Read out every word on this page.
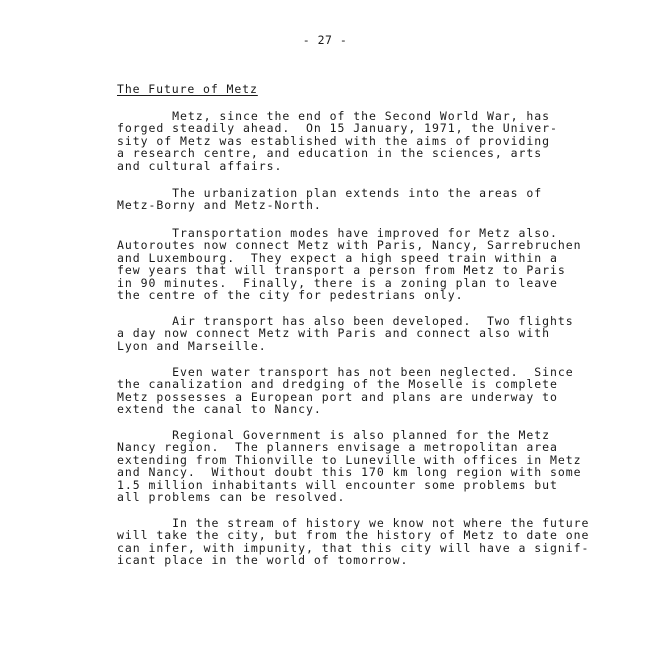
- 27 -
The Future of Metz

Metz, since the end of the Second World War, has
forged steadily ahead.  On 15 January, 1971, the Univer-
sity of Metz was established with the aims of providing
a research centre, and education in the sciences, arts
and cultural affairs.

The urbanization plan extends into the areas of
Metz-Borny and Metz-North.

Transportation modes have improved for Metz also.
Autoroutes now connect Metz with Paris, Nancy, Sarrebruchen
and Luxembourg.  They expect a high speed train within a
few years that will transport a person from Metz to Paris
in 90 minutes.  Finally, there is a zoning plan to leave
the centre of the city for pedestrians only.

Air transport has also been developed.  Two flights
a day now connect Metz with Paris and connect also with
Lyon and Marseille.

Even water transport has not been neglected.  Since
the canalization and dredging of the Moselle is complete
Metz possesses a European port and plans are underway to
extend the canal to Nancy.

Regional Government is also planned for the Metz
Nancy region.  The planners envisage a metropolitan area
extending from Thionville to Luneville with offices in Metz
and Nancy.  Without doubt this 170 km long region with some
1.5 million inhabitants will encounter some problems but
all problems can be resolved.

In the stream of history we know not where the future
will take the city, but from the history of Metz to date one
can infer, with impunity, that this city will have a signif-
icant place in the world of tomorrow.
